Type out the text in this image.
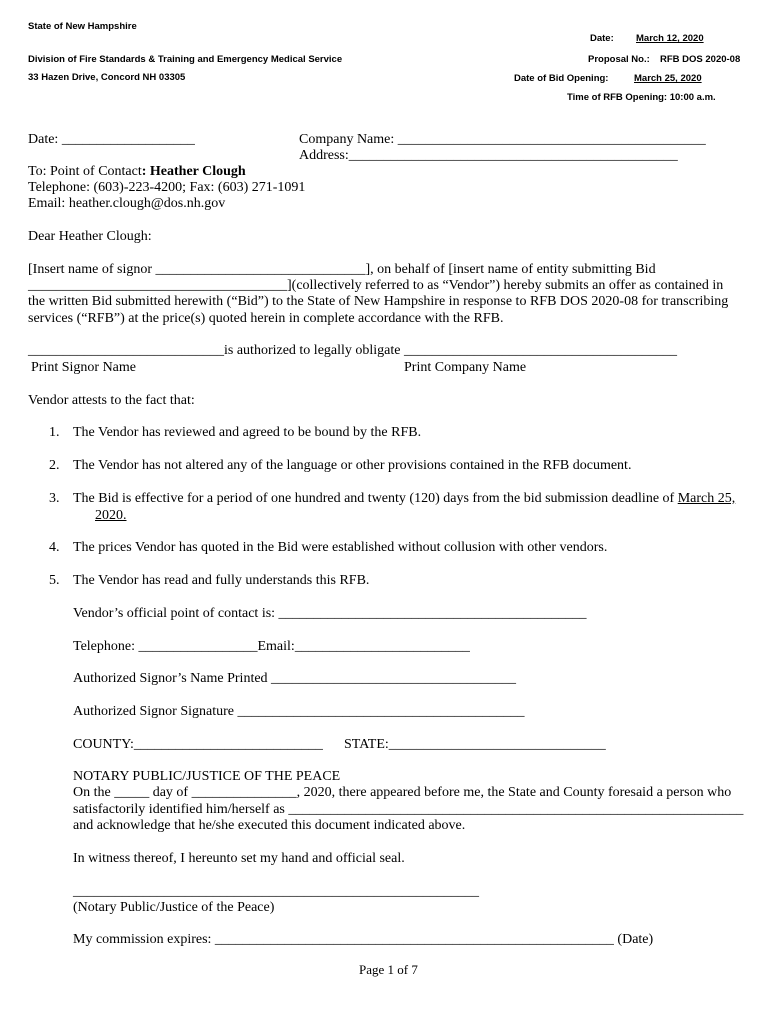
State of New Hampshire
Division of Fire Standards & Training and Emergency Medical Service
33 Hazen Drive, Concord NH 03305
Date: March 12, 2020
Proposal No.: RFB DOS 2020-08
Date of Bid Opening:	March 25, 2020
Time of RFB Opening: 10:00 a.m.
Date: ___________________	Company Name: ____________________________________________
Address:_______________________________________________
To: Point of Contact: Heather Clough
Telephone: (603)-223-4200; Fax: (603) 271-1091
Email: heather.clough@dos.nh.gov
Dear Heather Clough:
[Insert name of signor ______________________________], on behalf of [insert name of entity submitting Bid
_____________________________________](collectively referred to as “Vendor”) hereby submits an offer as contained in
the written Bid submitted herewith (“Bid”) to the State of New Hampshire in response to RFB DOS 2020-08 for transcribing
services (“RFB”) at the price(s) quoted herein in complete accordance with the RFB.
____________________________is authorized to legally obligate _______________________________________
Print Signor Name	Print Company Name
Vendor attests to the fact that:
1. The Vendor has reviewed and agreed to be bound by the RFB.
2. The Vendor has not altered any of the language or other provisions contained in the RFB document.
3. The Bid is effective for a period of one hundred and twenty (120) days from the bid submission deadline of March 25,
2020.
4. The prices Vendor has quoted in the Bid were established without collusion with other vendors.
5. The Vendor has read and fully understands this RFB.
Vendor’s official point of contact is: ____________________________________________
Telephone: _________________Email:_________________________
Authorized Signor’s Name Printed ___________________________________
Authorized Signor Signature _________________________________________
COUNTY:___________________________ STATE:_______________________________
NOTARY PUBLIC/JUSTICE OF THE PEACE
On the _____ day of _______________, 2020, there appeared before me, the State and County foresaid a person who
satisfactorily identified him/herself as _________________________________________________________________
and acknowledge that he/she executed this document indicated above.
In witness thereof, I hereunto set my hand and official seal.
__________________________________________________________
(Notary Public/Justice of the Peace)
My commission expires: _________________________________________________________ (Date)
Page 1 of 7
